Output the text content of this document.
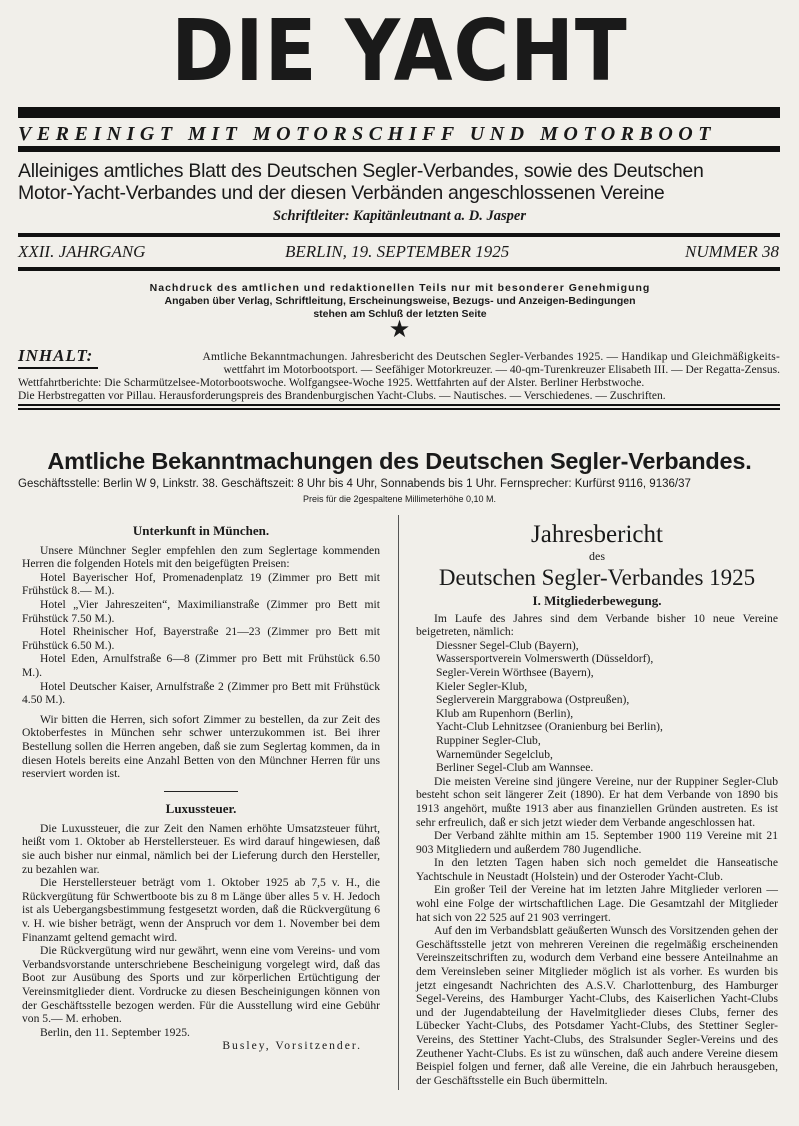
DIE YACHT
VEREINIGT MIT MOTORSCHIFF UND MOTORBOOT
Alleiniges amtliches Blatt des Deutschen Segler-Verbandes, sowie des Deutschen
Motor-Yacht-Verbandes und der diesen Verbänden angeschlossenen Vereine
Schriftleiter: Kapitänleutnant a. D. Jasper
XXII. JAHRGANG	BERLIN, 19. SEPTEMBER 1925	NUMMER 38
Nachdruck des amtlichen und redaktionellen Teils nur mit besonderer Genehmigung
Angaben über Verlag, Schriftleitung, Erscheinungsweise, Bezugs- und Anzeigen-Bedingungen
stehen am Schluß der letzten Seite
★
INHALT:	Amtliche Bekanntmachungen. Jahresbericht des Deutschen Segler-Verbandes 1925. — Handikap und Gleichmäßigkeits-
wettfahrt im Motorbootsport. — Seefähiger Motorkreuzer. — 40-qm-Turenkreuzer Elisabeth III. — Der Regatta-Zensus.
Wettfahrtberichte: Die Scharmützelsee-Motorbootswoche. Wolfgangsee-Woche 1925. Wettfahrten auf der Alster. Berliner Herbstwoche.
Die Herbstregatten vor Pillau. Herausforderungspreis des Brandenburgischen Yacht-Clubs. — Nautisches. — Verschiedenes. — Zuschriften.
Amtliche Bekanntmachungen des Deutschen Segler-Verbandes.
Geschäftsstelle: Berlin W 9, Linkstr. 38. Geschäftszeit: 8 Uhr bis 4 Uhr, Sonnabends bis 1 Uhr. Fernsprecher: Kurfürst 9116, 9136/37
Preis für die 2gespaltene Millimeterhöhe 0,10 M.
Unterkunft in München.

Unsere Münchner Segler empfehlen den zum Seglertage kommenden Herren die folgenden Hotels mit den beigefügten Preisen:

Hotel Bayerischer Hof, Promenadenplatz 19 (Zimmer pro Bett mit Frühstück 8.— M.).

Hotel „Vier Jahreszeiten“, Maximilianstraße (Zimmer pro Bett mit Frühstück 7.50 M.).

Hotel Rheinischer Hof, Bayerstraße 21—23 (Zimmer pro Bett mit Frühstück 6.50 M.).

Hotel Eden, Arnulfstraße 6—8 (Zimmer pro Bett mit Frühstück 6.50 M.).

Hotel Deutscher Kaiser, Arnulfstraße 2 (Zimmer pro Bett mit Frühstück 4.50 M.).

Wir bitten die Herren, sich sofort Zimmer zu bestellen, da zur Zeit des Oktoberfestes in München sehr schwer unterzukommen ist. Bei ihrer Bestellung sollen die Herren angeben, daß sie zum Seglertag kommen, da in diesen Hotels bereits eine Anzahl Betten von den Münchner Herren für uns reserviert worden ist.

Luxussteuer.

Die Luxussteuer, die zur Zeit den Namen erhöhte Umsatzsteuer führt, heißt vom 1. Oktober ab Herstellersteuer. Es wird darauf hingewiesen, daß sie auch bisher nur einmal, nämlich bei der Lieferung durch den Hersteller, zu bezahlen war.

Die Herstellersteuer beträgt vom 1. Oktober 1925 ab 7,5 v. H., die Rückvergütung für Schwertboote bis zu 8 m Länge über alles 5 v. H. Jedoch ist als Uebergangsbestimmung festgesetzt worden, daß die Rückvergütung 6 v. H. wie bisher beträgt, wenn der Anspruch vor dem 1. November bei dem Finanzamt geltend gemacht wird.

Die Rückvergütung wird nur gewährt, wenn eine vom Vereins- und vom Verbandsvorstande unterschriebene Bescheinigung vorgelegt wird, daß das Boot zur Ausübung des Sports und zur körperlichen Ertüchtigung der Vereinsmitglieder dient. Vordrucke zu diesen Bescheinigungen können von der Geschäftsstelle bezogen werden. Für die Ausstellung wird eine Gebühr von 5.— M. erhoben.

Berlin, den 11. September 1925.

Busley, Vorsitzender.
Jahresbericht
des
Deutschen Segler-Verbandes 1925
I. Mitgliederbewegung.

Im Laufe des Jahres sind dem Verbande bisher 10 neue Vereine beigetreten, nämlich:

Diessner Segel-Club (Bayern),

Wassersportverein Volmerswerth (Düsseldorf),

Segler-Verein Wörthsee (Bayern),

Kieler Segler-Klub,

Seglerverein Marggrabowa (Ostpreußen),

Klub am Rupenhorn (Berlin),

Yacht-Club Lehnitzsee (Oranienburg bei Berlin),

Ruppiner Segler-Club,

Warnemünder Segelclub,

Berliner Segel-Club am Wannsee.

Die meisten Vereine sind jüngere Vereine, nur der Ruppiner Segler-Club besteht schon seit längerer Zeit (1890). Er hat dem Verbande von 1890 bis 1913 angehört, mußte 1913 aber aus finanziellen Gründen austreten. Es ist sehr erfreulich, daß er sich jetzt wieder dem Verbande angeschlossen hat.

Der Verband zählte mithin am 15. September 1900 119 Vereine mit 21 903 Mitgliedern und außerdem 780 Jugendliche.

In den letzten Tagen haben sich noch gemeldet die Hanseatische Yachtschule in Neustadt (Holstein) und der Osteroder Yacht-Club.

Ein großer Teil der Vereine hat im letzten Jahre Mitglieder verloren — wohl eine Folge der wirtschaftlichen Lage. Die Gesamtzahl der Mitglieder hat sich von 22 525 auf 21 903 verringert.

Auf den im Verbandsblatt geäußerten Wunsch des Vorsitzenden gehen der Geschäftsstelle jetzt von mehreren Vereinen die regelmäßig erscheinenden Vereinszeitschriften zu, wodurch dem Verband eine bessere Anteilnahme an dem Vereinsleben seiner Mitglieder möglich ist als vorher. Es wurden bis jetzt eingesandt Nachrichten des A.S.V. Charlottenburg, des Hamburger Segel-Vereins, des Hamburger Yacht-Clubs, des Kaiserlichen Yacht-Clubs und der Jugendabteilung der Havelmitglieder dieses Clubs, ferner des Lübecker Yacht-Clubs, des Potsdamer Yacht-Clubs, des Stettiner Segler-Vereins, des Stettiner Yacht-Clubs, des Stralsunder Segler-Vereins und des Zeuthener Yacht-Clubs. Es ist zu wünschen, daß auch andere Vereine diesem Beispiel folgen und ferner, daß alle Vereine, die ein Jahrbuch herausgeben, der Geschäftsstelle ein Buch übermitteln.
